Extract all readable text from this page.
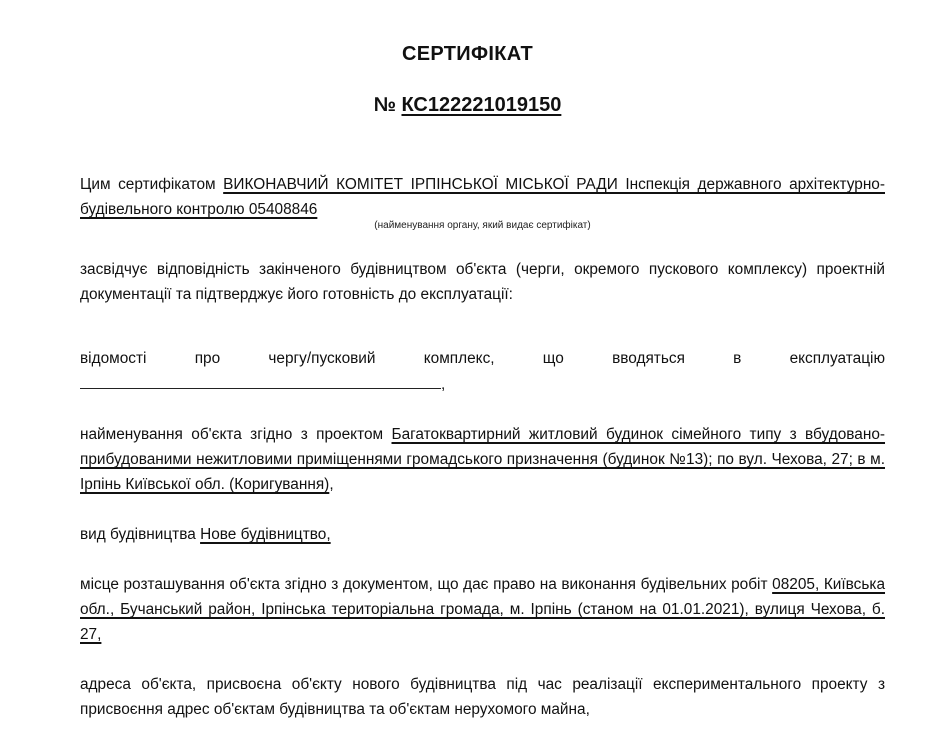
СЕРТИФІКАТ
№ КС122221019150
Цим сертифікатом ВИКОНАВЧИЙ КОМІТЕТ ІРПІНСЬКОЇ МІСЬКОЇ РАДИ Інспекція державного архітектурно-будівельного контролю 05408846
(найменування органу, який видає сертифікат)
засвідчує відповідність закінченого будівництвом об'єкта (черги, окремого пускового комплексу) проектній документації та підтверджує його готовність до експлуатації:
відомості	про	чергу/пусковий	комплекс,	що	вводяться	в	експлуатацію
,
найменування об'єкта згідно з проектом Багатоквартирний житловий будинок сімейного типу з вбудовано-прибудованими нежитловими приміщеннями громадського призначення (будинок №13); по вул. Чехова, 27; в м. Ірпінь Київської обл. (Коригування),
вид будівництва Нове будівництво,
місце розташування об'єкта згідно з документом, що дає право на виконання будівельних робіт 08205, Київська обл., Бучанський район, Ірпінська територіальна громада, м. Ірпінь (станом на 01.01.2021), вулиця Чехова, б. 27,
адреса об'єкта, присвоєна об'єкту нового будівництва під час реалізації експериментального проекту з присвоєння адрес об'єктам будівництва та об'єктам нерухомого майна,
